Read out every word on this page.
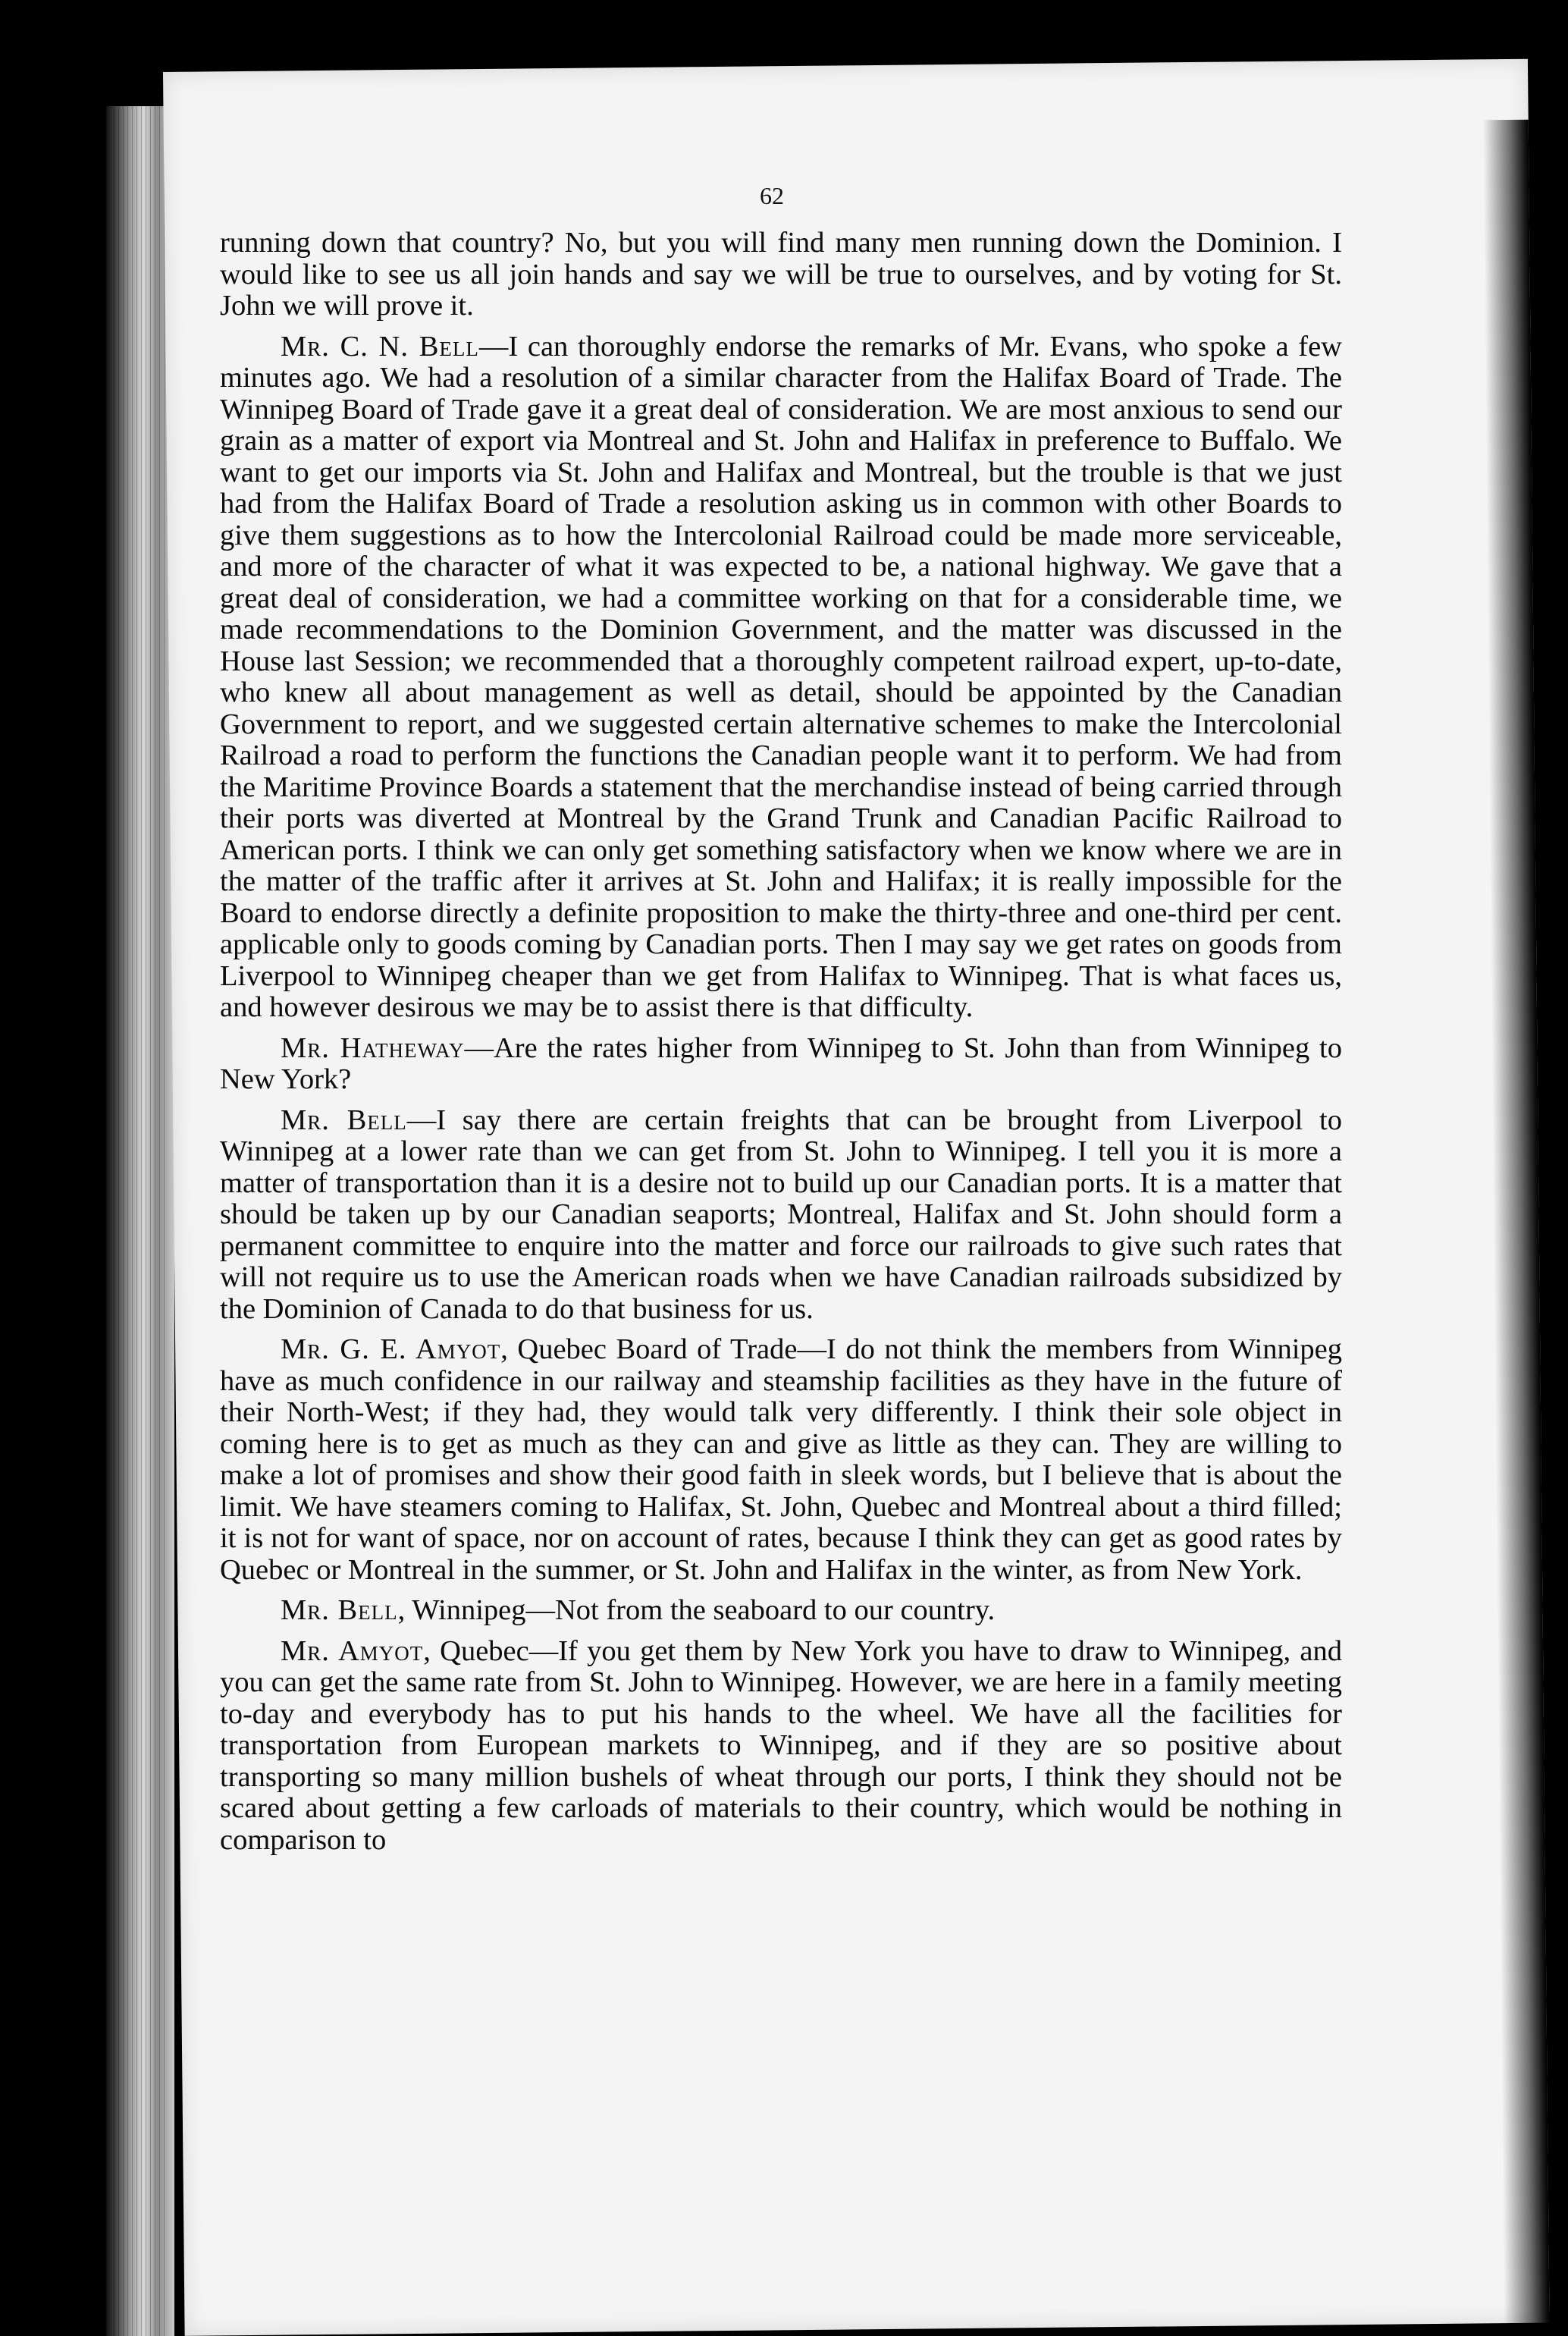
62

running down that country? No, but you will find many men running down the Dominion. I would like to see us all join hands and say we will be true to ourselves, and by voting for St. John we will prove it.

Mr. C. N. Bell—I can thoroughly endorse the remarks of Mr. Evans, who spoke a few minutes ago. We had a resolution of a similar character from the Halifax Board of Trade. The Winnipeg Board of Trade gave it a great deal of consideration. We are most anxious to send our grain as a matter of export via Montreal and St. John and Halifax in preference to Buffalo. We want to get our imports via St. John and Halifax and Montreal, but the trouble is that we just had from the Halifax Board of Trade a resolution asking us in common with other Boards to give them suggestions as to how the Intercolonial Railroad could be made more serviceable, and more of the character of what it was expected to be, a national highway. We gave that a great deal of consideration, we had a committee working on that for a considerable time, we made recommendations to the Dominion Government, and the matter was discussed in the House last Session; we recommended that a thoroughly competent railroad expert, up-to-date, who knew all about management as well as detail, should be appointed by the Canadian Government to report, and we suggested certain alternative schemes to make the Intercolonial Railroad a road to perform the functions the Canadian people want it to perform. We had from the Maritime Province Boards a statement that the merchandise instead of being carried through their ports was diverted at Montreal by the Grand Trunk and Canadian Pacific Railroad to American ports. I think we can only get something satisfactory when we know where we are in the matter of the traffic after it arrives at St. John and Halifax; it is really impossible for the Board to endorse directly a definite proposition to make the thirty-three and one-third per cent. applicable only to goods coming by Canadian ports. Then I may say we get rates on goods from Liverpool to Winnipeg cheaper than we get from Halifax to Winnipeg. That is what faces us, and however desirous we may be to assist there is that difficulty.

Mr. Hatheway—Are the rates higher from Winnipeg to St. John than from Winnipeg to New York?

Mr. Bell—I say there are certain freights that can be brought from Liverpool to Winnipeg at a lower rate than we can get from St. John to Winnipeg. I tell you it is more a matter of transportation than it is a desire not to build up our Canadian ports. It is a matter that should be taken up by our Canadian seaports; Montreal, Halifax and St. John should form a permanent committee to enquire into the matter and force our railroads to give such rates that will not require us to use the American roads when we have Canadian railroads subsidized by the Dominion of Canada to do that business for us.

Mr. G. E. Amyot, Quebec Board of Trade—I do not think the members from Winnipeg have as much confidence in our railway and steamship facilities as they have in the future of their North-West; if they had, they would talk very differently. I think their sole object in coming here is to get as much as they can and give as little as they can. They are willing to make a lot of promises and show their good faith in sleek words, but I believe that is about the limit. We have steamers coming to Halifax, St. John, Quebec and Montreal about a third filled; it is not for want of space, nor on account of rates, because I think they can get as good rates by Quebec or Montreal in the summer, or St. John and Halifax in the winter, as from New York.

Mr. Bell, Winnipeg—Not from the seaboard to our country.

Mr. Amyot, Quebec—If you get them by New York you have to draw to Winnipeg, and you can get the same rate from St. John to Winnipeg. However, we are here in a family meeting to-day and everybody has to put his hands to the wheel. We have all the facilities for transportation from European markets to Winnipeg, and if they are so positive about transporting so many million bushels of wheat through our ports, I think they should not be scared about getting a few carloads of materials to their country, which would be nothing in comparison to
